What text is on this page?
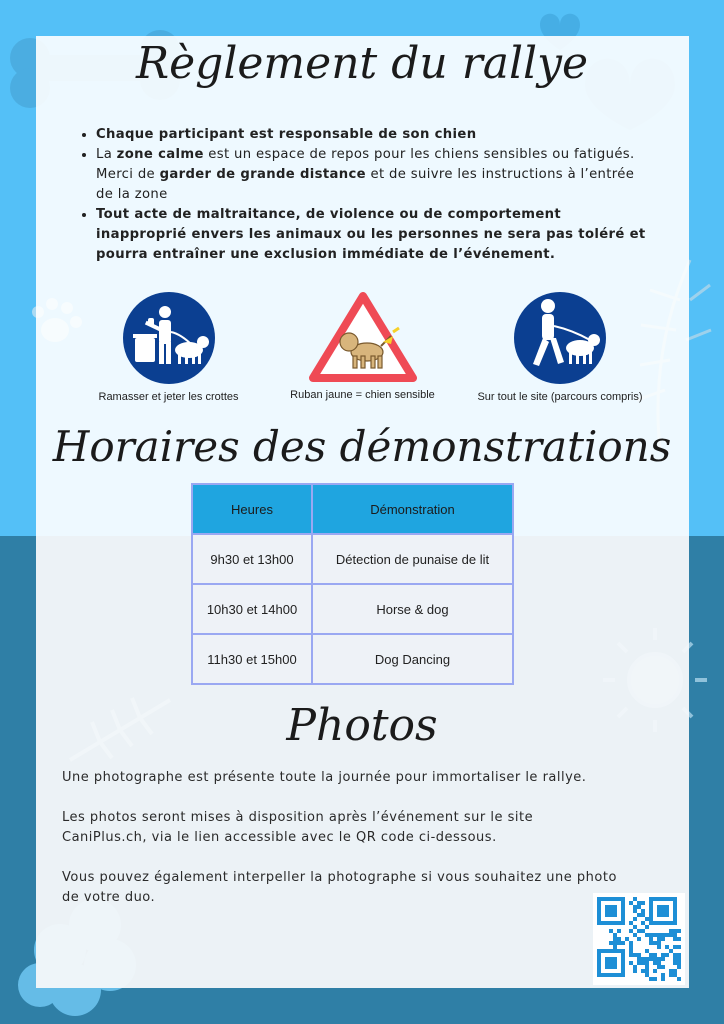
Règlement du rallye
• Chaque participant est responsable de son chien
• La zone calme est un espace de repos pour les chiens sensibles ou fatigués. Merci de garder de grande distance et de suivre les instructions à l’entrée de la zone
• Tout acte de maltraitance, de violence ou de comportement inapproprié envers les animaux ou les personnes ne sera pas toléré et pourra entraîner une exclusion immédiate de l’événement.
Ramasser et jeter les crottes	Ruban jaune = chien sensible	Sur tout le site (parcours compris)
Horaires des démonstrations
Heures	Démonstration
9h30 et 13h00	Détection de punaise de lit
10h30 et 14h00	Horse & dog
11h30 et 15h00	Dog Dancing
Photos

Une photographe est présente toute la journée pour immortaliser le rallye.

Les photos seront mises à disposition après l’événement sur le site CaniPlus.ch, via le lien accessible avec le QR code ci-dessous.

Vous pouvez également interpeller la photographe si vous souhaitez une photo de votre duo.
